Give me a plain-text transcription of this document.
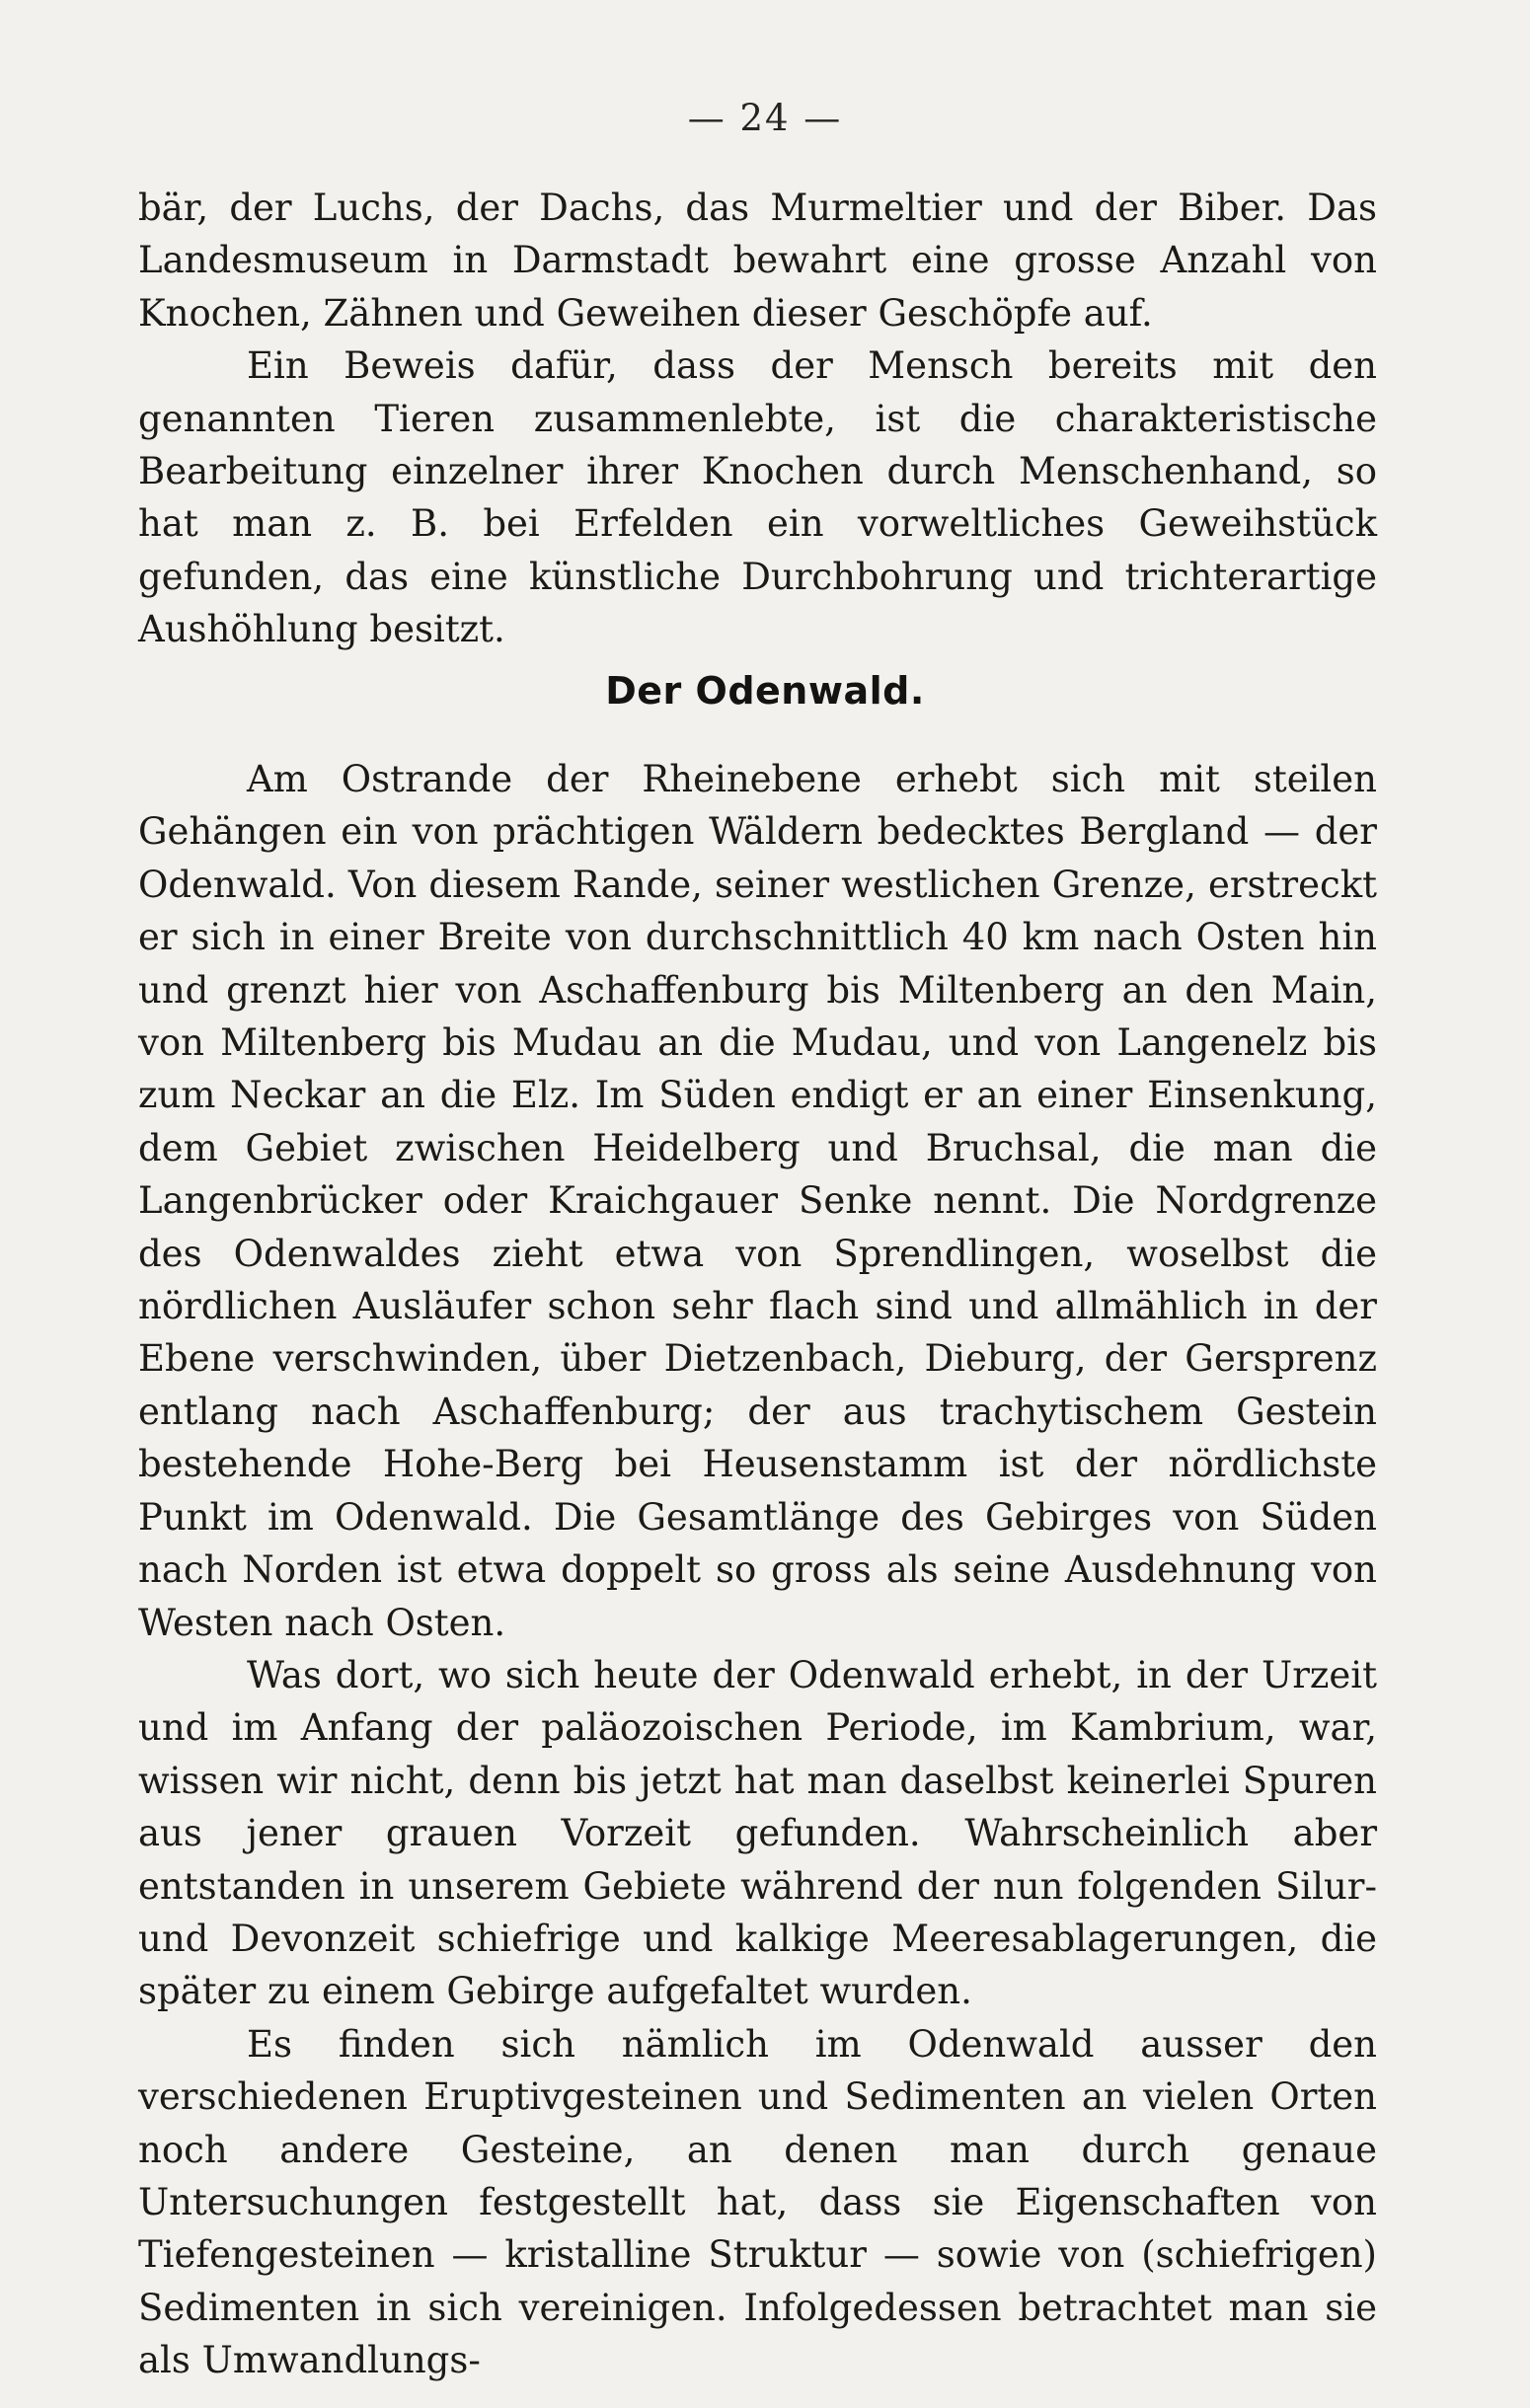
— 24 —

bär, der Luchs, der Dachs, das Murmeltier und der Biber. Das Landesmuseum in Darmstadt bewahrt eine grosse Anzahl von Knochen, Zähnen und Geweihen dieser Geschöpfe auf.

Ein Beweis dafür, dass der Mensch bereits mit den genannten Tieren zusammenlebte, ist die charakteristische Bearbeitung einzelner ihrer Knochen durch Menschenhand, so hat man z. B. bei Erfelden ein vorweltliches Geweihstück gefunden, das eine künstliche Durchbohrung und trichterartige Aushöhlung besitzt.

Der Odenwald.

Am Ostrande der Rheinebene erhebt sich mit steilen Gehängen ein von prächtigen Wäldern bedecktes Bergland — der Odenwald. Von diesem Rande, seiner westlichen Grenze, erstreckt er sich in einer Breite von durchschnittlich 40 km nach Osten hin und grenzt hier von Aschaffenburg bis Miltenberg an den Main, von Miltenberg bis Mudau an die Mudau, und von Langenelz bis zum Neckar an die Elz. Im Süden endigt er an einer Einsenkung, dem Gebiet zwischen Heidelberg und Bruchsal, die man die Langenbrücker oder Kraichgauer Senke nennt. Die Nordgrenze des Odenwaldes zieht etwa von Sprendlingen, woselbst die nördlichen Ausläufer schon sehr flach sind und allmählich in der Ebene verschwinden, über Dietzenbach, Dieburg, der Gersprenz entlang nach Aschaffenburg; der aus trachytischem Gestein bestehende Hohe-Berg bei Heusenstamm ist der nördlichste Punkt im Odenwald. Die Gesamtlänge des Gebirges von Süden nach Norden ist etwa doppelt so gross als seine Ausdehnung von Westen nach Osten.

Was dort, wo sich heute der Odenwald erhebt, in der Urzeit und im Anfang der paläozoischen Periode, im Kambrium, war, wissen wir nicht, denn bis jetzt hat man daselbst keinerlei Spuren aus jener grauen Vorzeit gefunden. Wahrscheinlich aber entstanden in unserem Gebiete während der nun folgenden Silur- und Devonzeit schiefrige und kalkige Meeresablagerungen, die später zu einem Gebirge aufgefaltet wurden.

Es finden sich nämlich im Odenwald ausser den verschiedenen Eruptivgesteinen und Sedimenten an vielen Orten noch andere Gesteine, an denen man durch genaue Untersuchungen festgestellt hat, dass sie Eigenschaften von Tiefengesteinen — kristalline Struktur — sowie von (schiefrigen) Sedimenten in sich vereinigen. Infolgedessen betrachtet man sie als Umwandlungs-
